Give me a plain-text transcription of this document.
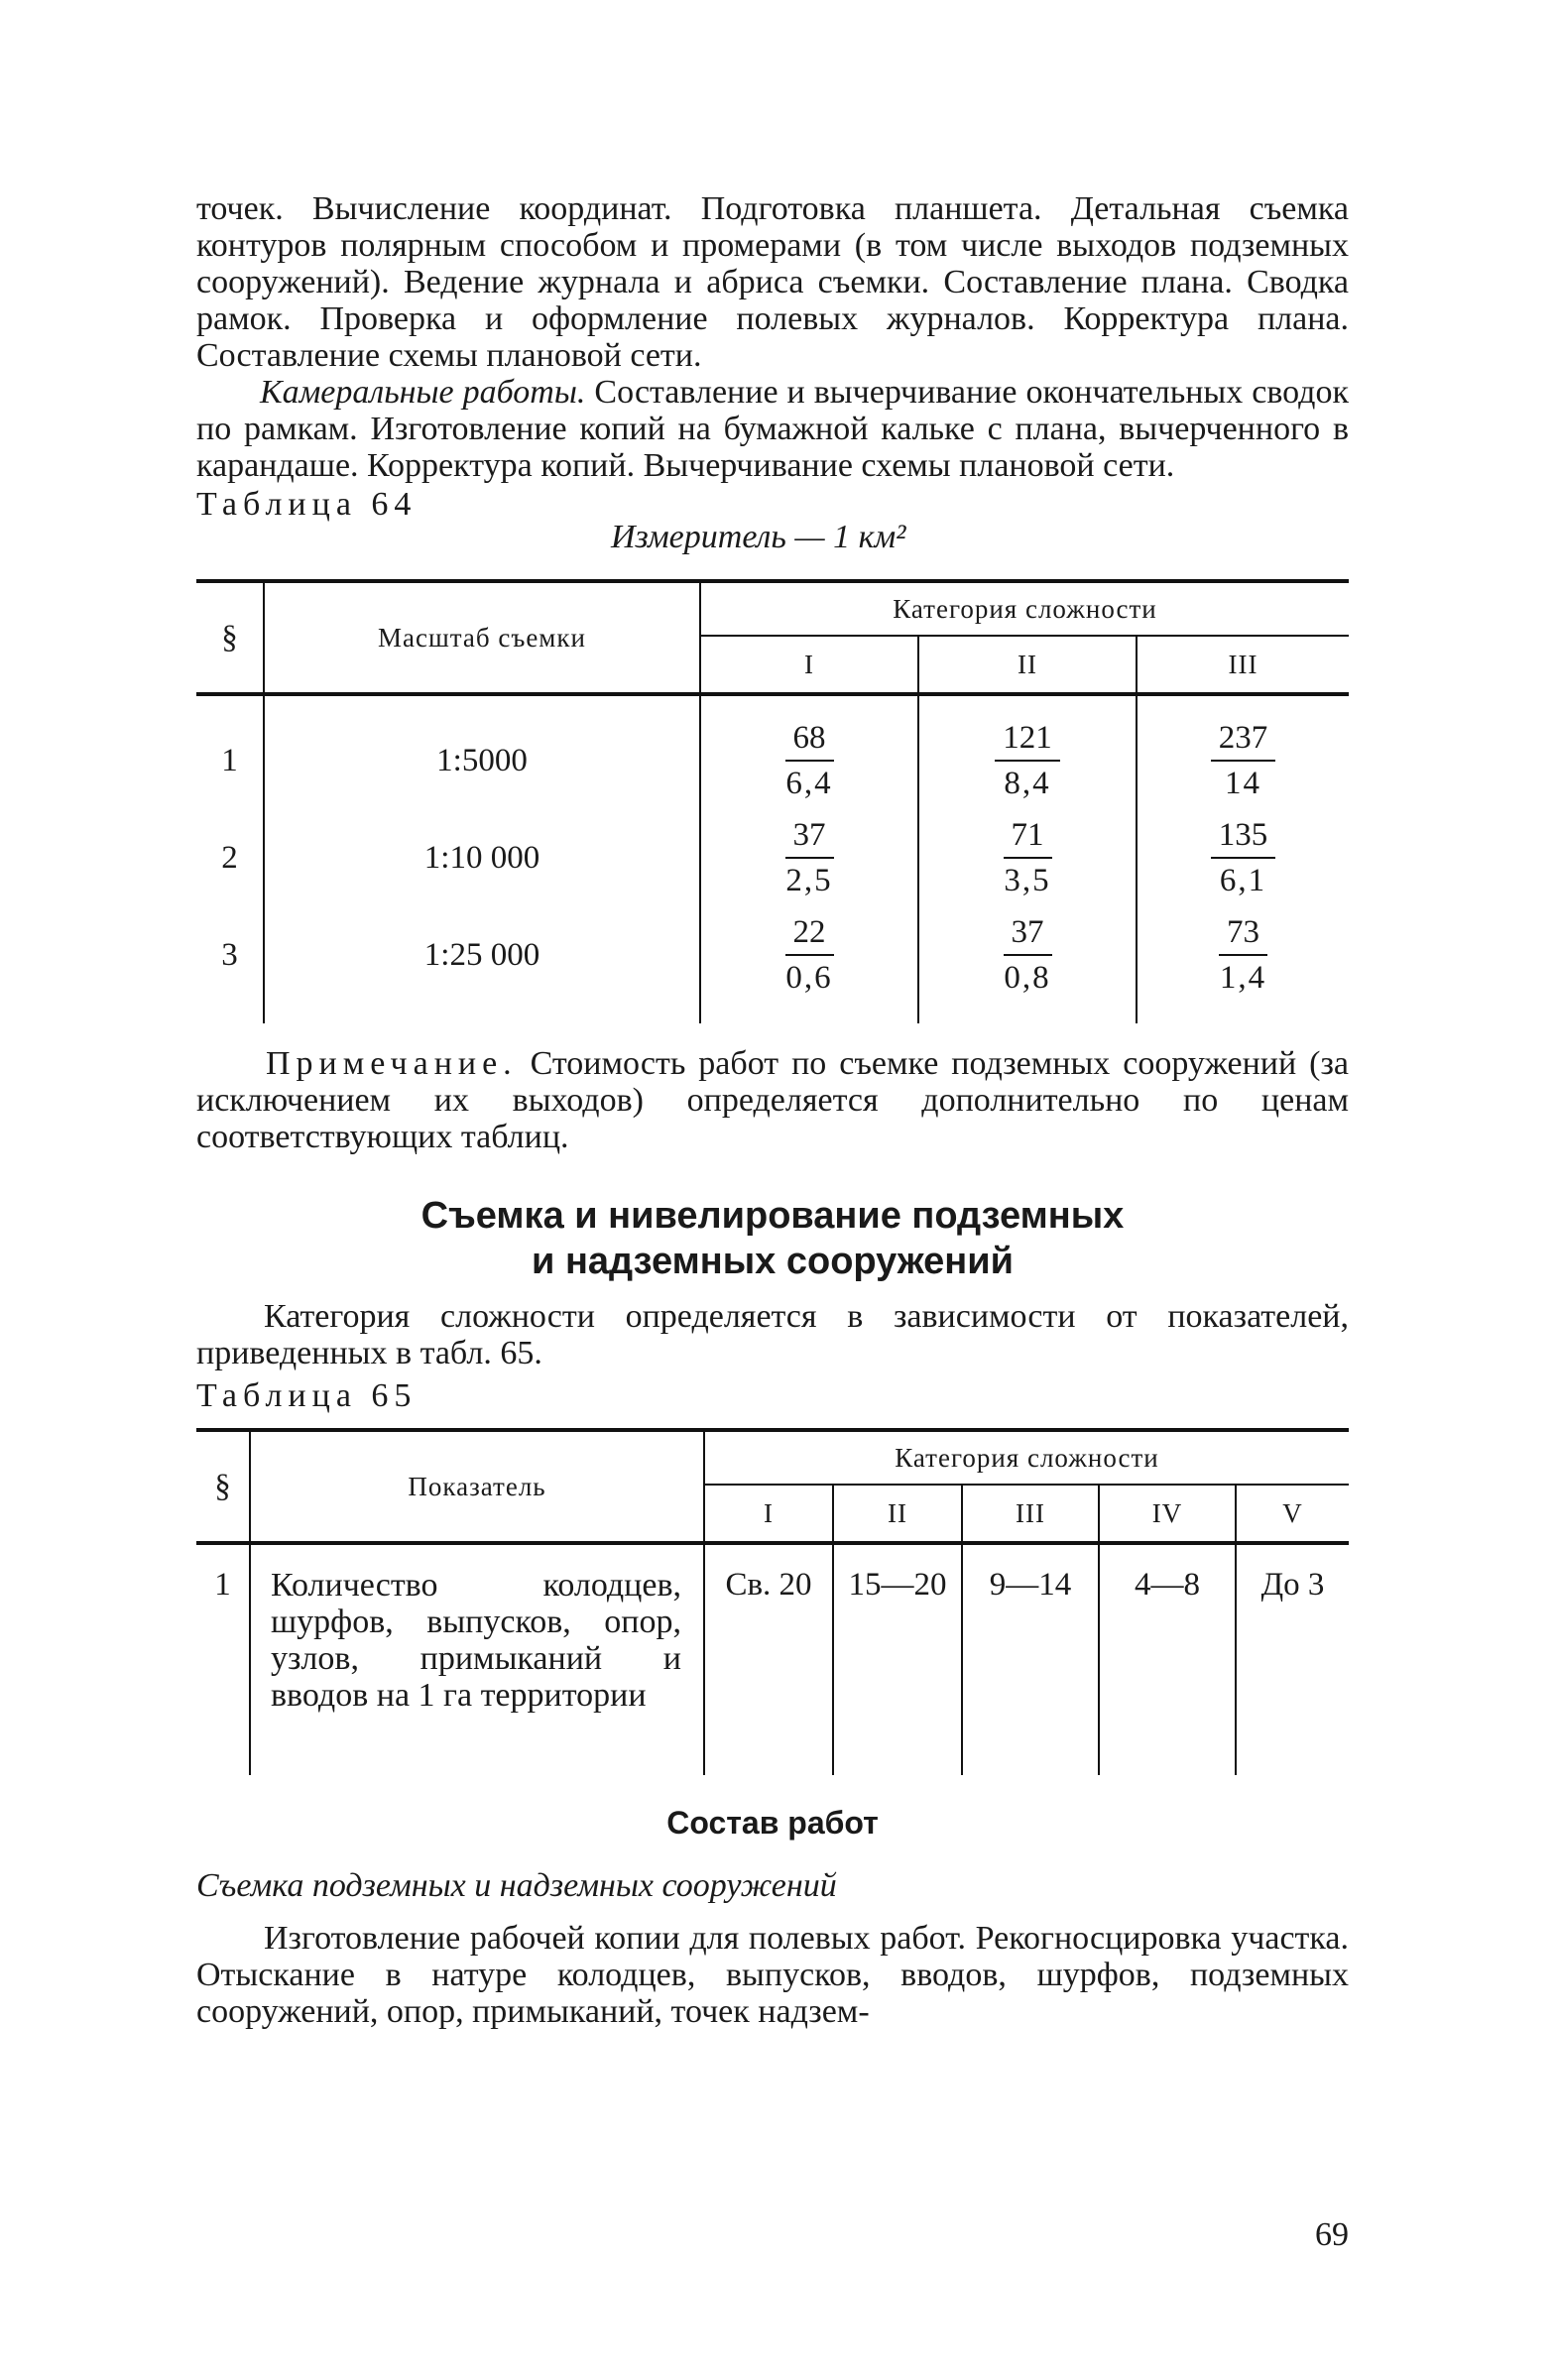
точек. Вычисление координат. Подготовка планшета. Детальная съемка контуров полярным способом и промерами (в том числе выходов подземных сооружений). Ведение журнала и абриса съемки. Составление плана. Сводка рамок. Проверка и оформление полевых журналов. Корректура плана. Составление схемы плановой сети.

Камеральные работы. Составление и вычерчивание окончательных сводок по рамкам. Изготовление копий на бумажной кальке с плана, вычерченного в карандаше. Корректура копий. Вычерчивание схемы плановой сети.

Таблица 64

Измеритель — 1 км²

§	Масштаб съемки	Категория сложности		
		I	II	III
1	1:5000	$\frac{68}{6,4}$	$\frac{121}{8,4}$	$\frac{237}{14}$

2	1:10 000	$\frac{37}{2,5}$	$\frac{71}{3,5}$	$\frac{135}{6,1}$

3	1:25 000	$\frac{22}{0,6}$	$\frac{37}{0,8}$	$\frac{73}{1,4}$

Примечание. Стоимость работ по съемке подземных сооружений (за исключением их выходов) определяется дополнительно по ценам соответствующих таблиц.

Съемка и нивелирование подземных
и надземных сооружений

Категория сложности определяется в зависимости от показателей, приведенных в табл. 65.

Таблица 65

§	Показатель	Категория сложности				
		I	II	III	IV	V
1	Количество колодцев, шурфов, выпусков, опор, узлов, примыканий и вводов на 1 га территории	Св. 20	15—20	9—14	4—8	До 3
Состав работ

Съемка подземных и надземных сооружений

Изготовление рабочей копии для полевых работ. Рекогносцировка участка. Отыскание в натуре колодцев, выпусков, вводов, шурфов, подземных сооружений, опор, примыканий, точек надзем-

69
